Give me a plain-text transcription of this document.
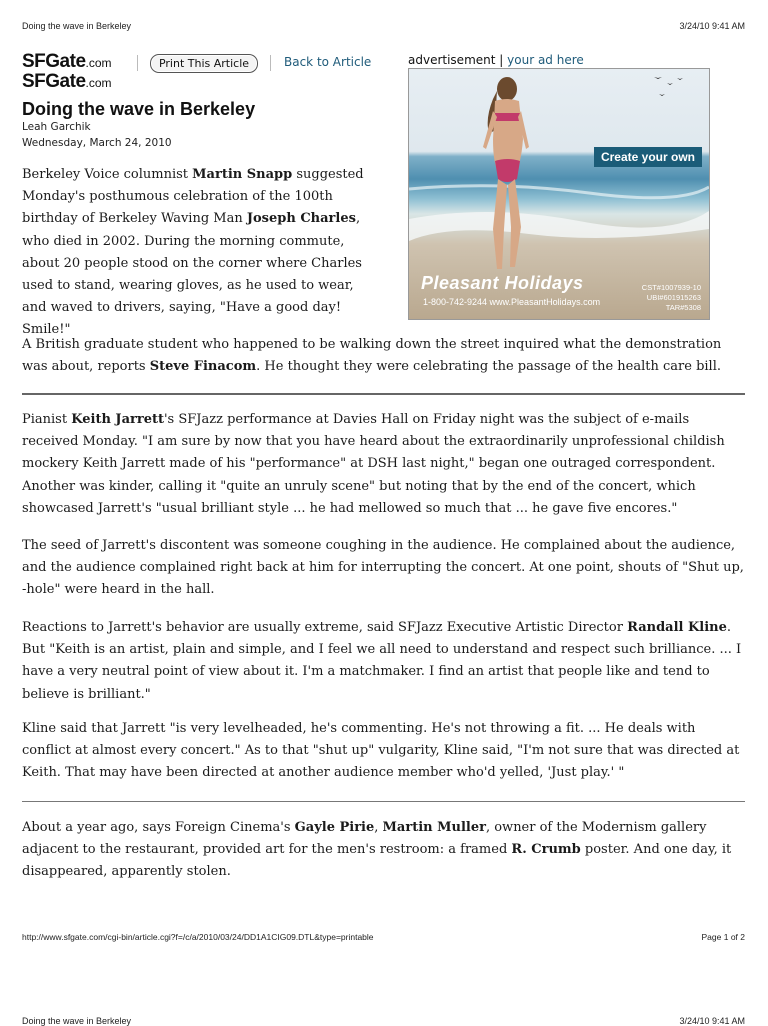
Doing the wave in Berkeley	3/24/10 9:41 AM
SFGate.com
SFGate.com
Print This Article	Back to Article
Doing the wave in Berkeley
Leah Garchik
Wednesday, March 24, 2010
advertisement | your ad here
Create your own
Pleasant Holidays
1-800-742-9244 www.PleasantHolidays.com
CST#1007939-10
UBI#601915263
TAR#5308

Berkeley Voice columnist Martin Snapp suggested Monday's posthumous celebration of the 100th birthday of Berkeley Waving Man Joseph Charles, who died in 2002. During the morning commute, about 20 people stood on the corner where Charles used to stand, wearing gloves, as he used to wear, and waved to drivers, saying, "Have a good day! Smile!"

A British graduate student who happened to be walking down the street inquired what the demonstration was about, reports Steve Finacom. He thought they were celebrating the passage of the health care bill.

Pianist Keith Jarrett's SFJazz performance at Davies Hall on Friday night was the subject of e-mails received Monday. "I am sure by now that you have heard about the extraordinarily unprofessional childish mockery Keith Jarrett made of his "performance" at DSH last night," began one outraged correspondent. Another was kinder, calling it "quite an unruly scene" but noting that by the end of the concert, which showcased Jarrett's "usual brilliant style ... he had mellowed so much that ... he gave five encores."

The seed of Jarrett's discontent was someone coughing in the audience. He complained about the audience, and the audience complained right back at him for interrupting the concert. At one point, shouts of "Shut up, -hole" were heard in the hall.

Reactions to Jarrett's behavior are usually extreme, said SFJazz Executive Artistic Director Randall Kline. But "Keith is an artist, plain and simple, and I feel we all need to understand and respect such brilliance. ... I have a very neutral point of view about it. I'm a matchmaker. I find an artist that people like and tend to believe is brilliant."

Kline said that Jarrett "is very levelheaded, he's commenting. He's not throwing a fit. ... He deals with conflict at almost every concert." As to that "shut up" vulgarity, Kline said, "I'm not sure that was directed at Keith. That may have been directed at another audience member who'd yelled, 'Just play.' "

About a year ago, says Foreign Cinema's Gayle Pirie, Martin Muller, owner of the Modernism gallery adjacent to the restaurant, provided art for the men's restroom: a framed R. Crumb poster. And one day, it disappeared, apparently stolen.

http://www.sfgate.com/cgi-bin/article.cgi?f=/c/a/2010/03/24/DD1A1CIG09.DTL&type=printable	Page 1 of 2
Doing the wave in Berkeley	3/24/10 9:41 AM
